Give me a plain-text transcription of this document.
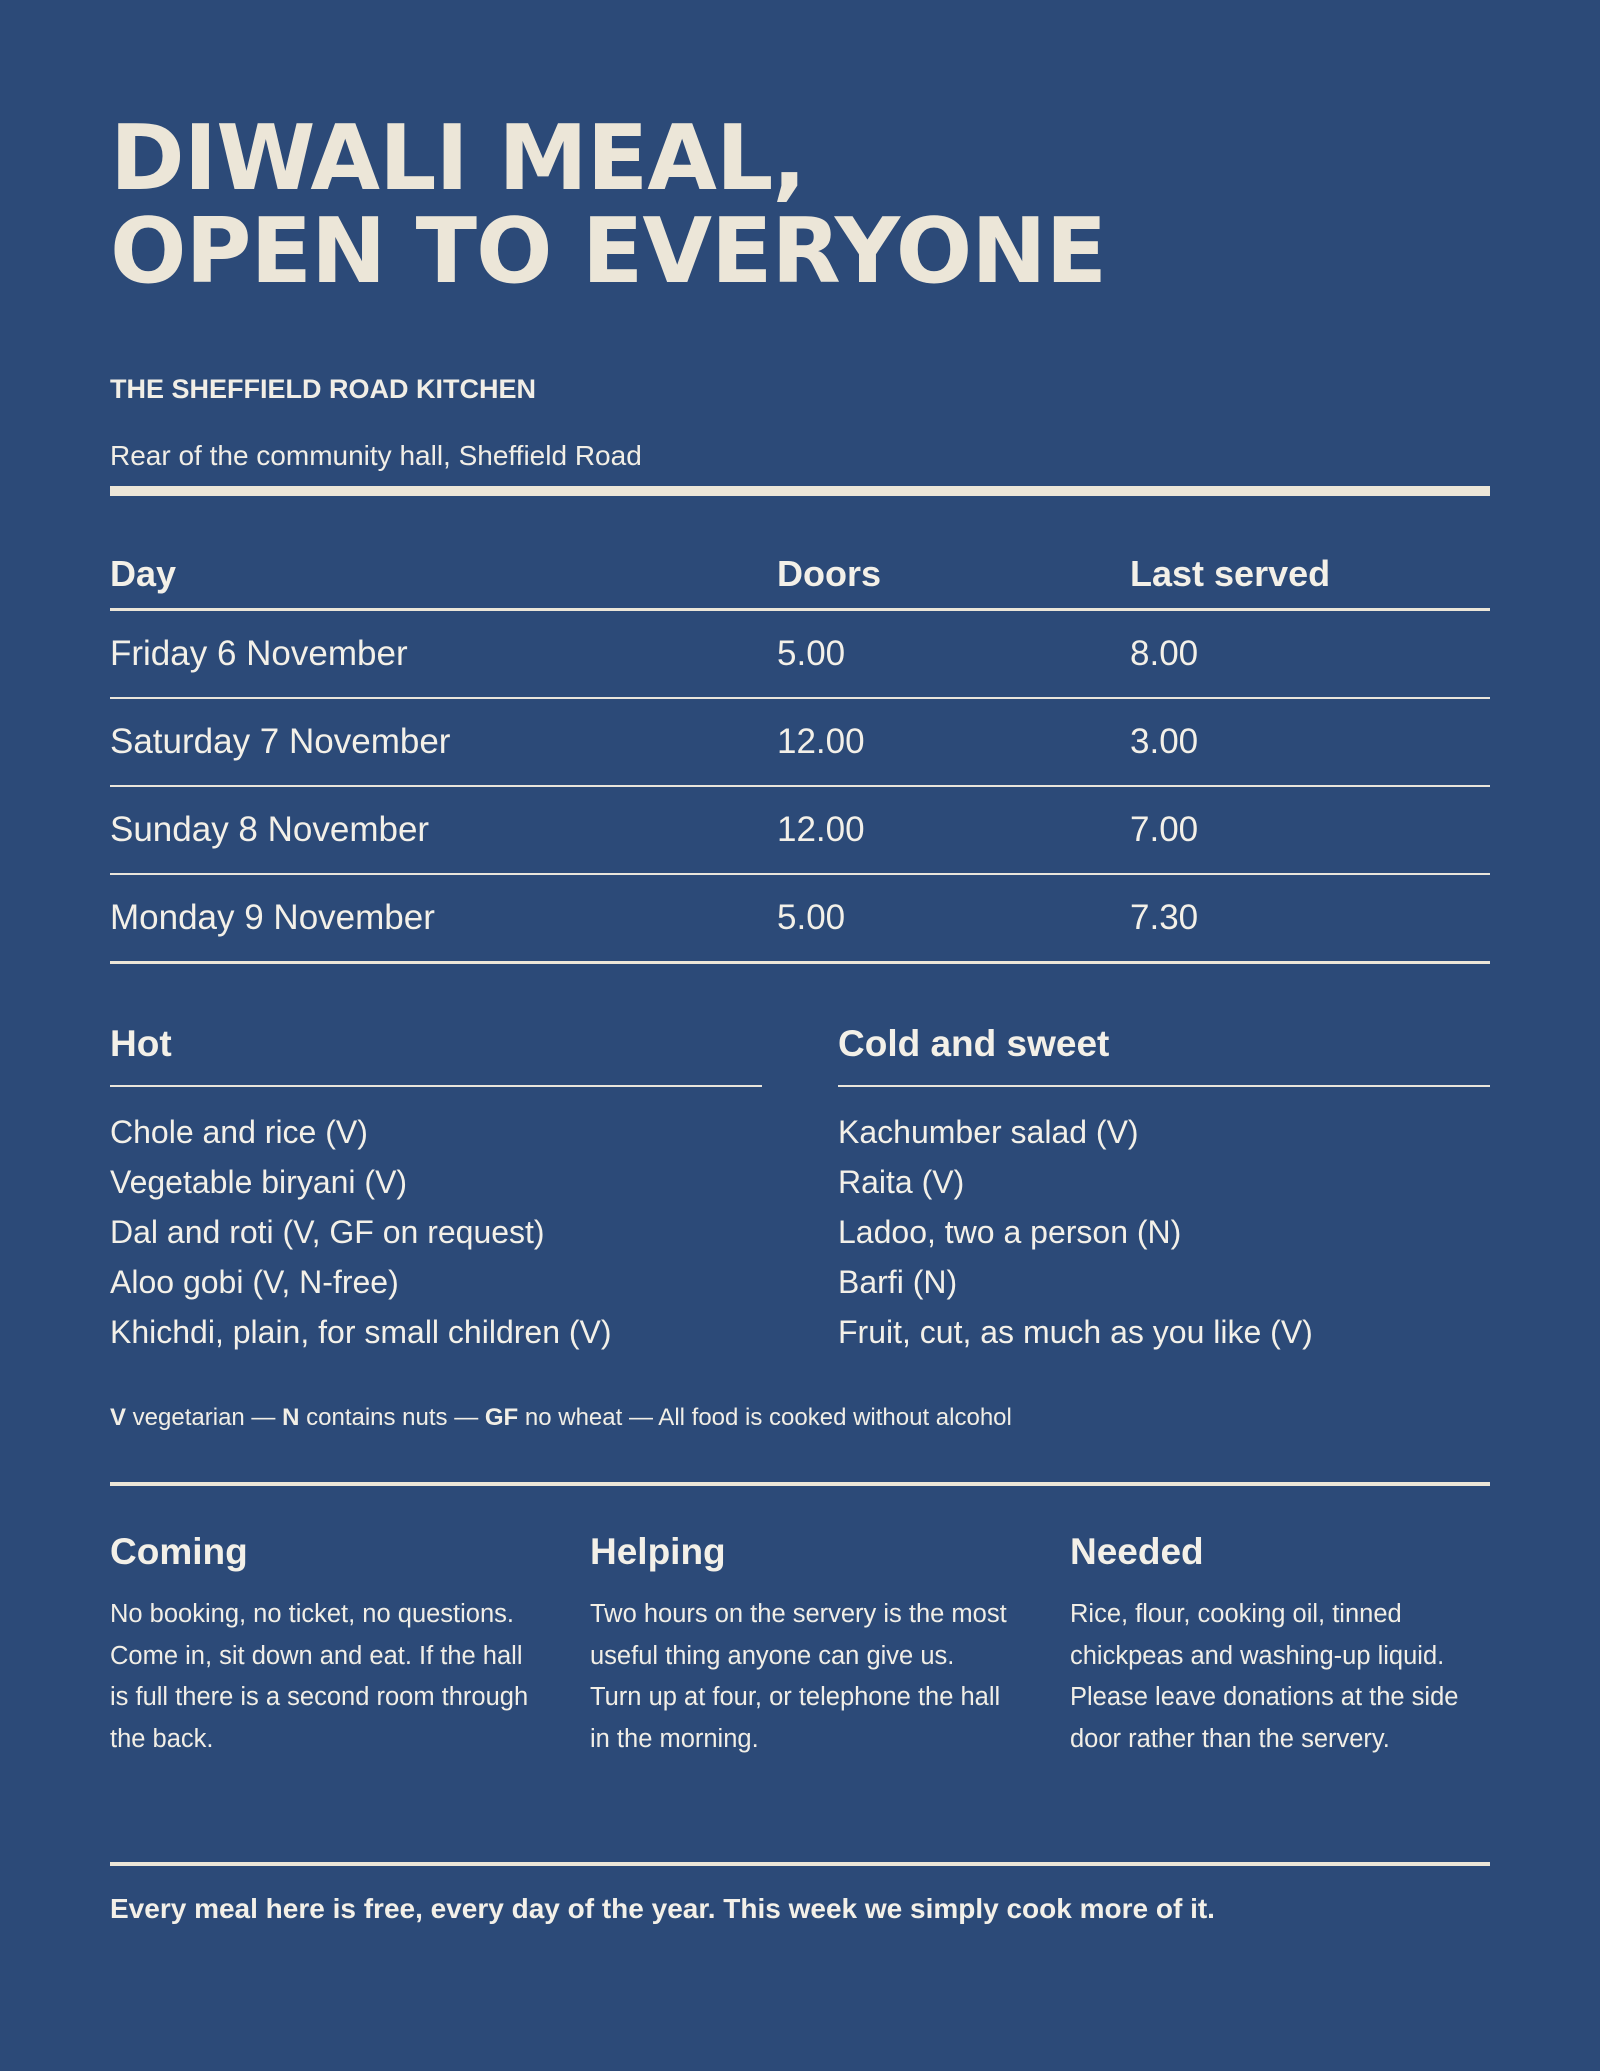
DIWALI MEAL,
OPEN TO EVERYONE
THE SHEFFIELD ROAD KITCHEN
Rear of the community hall, Sheffield Road
Day	Doors	Last served
Friday 6 November	5.00	8.00
Saturday 7 November	12.00	3.00
Sunday 8 November	12.00	7.00
Monday 9 November	5.00	7.30
Hot
Chole and rice (V)
Vegetable biryani (V)
Dal and roti (V, GF on request)
Aloo gobi (V, N-free)
Khichdi, plain, for small children (V)
Cold and sweet
Kachumber salad (V)
Raita (V)
Ladoo, two a person (N)
Barfi (N)
Fruit, cut, as much as you like (V)
V vegetarian — N contains nuts — GF no wheat — All food is cooked without alcohol
Coming
No booking, no ticket, no questions. Come in, sit down and eat. If the hall is full there is a second room through the back.
Helping
Two hours on the servery is the most useful thing anyone can give us. Turn up at four, or telephone the hall in the morning.
Needed
Rice, flour, cooking oil, tinned chickpeas and washing-up liquid. Please leave donations at the side door rather than the servery.
Every meal here is free, every day of the year. This week we simply cook more of it.
